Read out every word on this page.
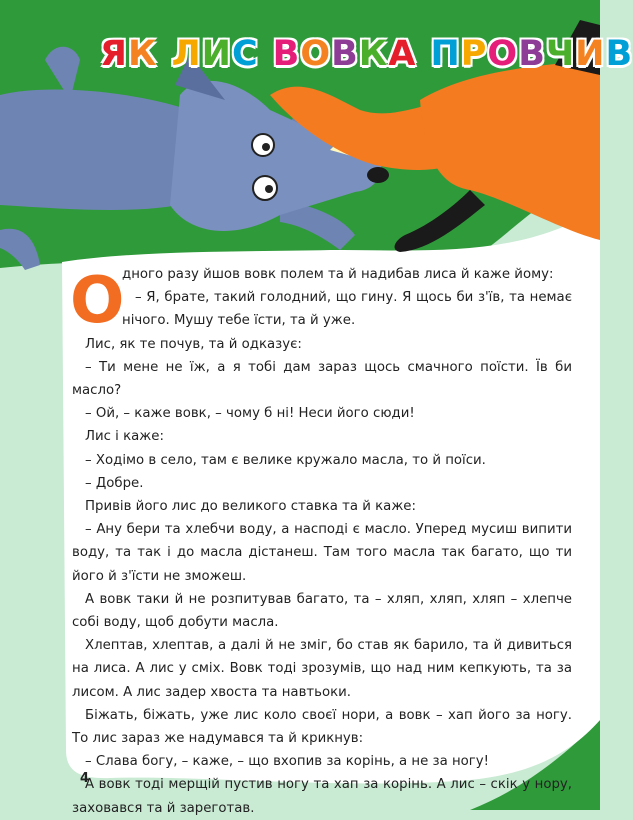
ЯК ЛИС ВОВКА ПРОВЧИВ
О

дного разу йшов вовк полем та й надибав лиса й каже йому:

– Я, брате, такий голодний, що гину. Я щось би з'їв, та немає нічого. Мушу тебе їсти, та й уже.

Лис, як те почув, та й одказує:

– Ти мене не їж, а я тобі дам зараз щось смачного поїсти. Їв би масло?

– Ой, – каже вовк, – чому б ні! Неси його сюди!

Лис і каже:

– Ходімо в село, там є велике кружало масла, то й поїси.

– Добре.

Привів його лис до великого ставка та й каже:

– Ану бери та хлебчи воду, а насподі є масло. Уперед мусиш випити воду, та так і до масла дістанеш. Там того масла так багато, що ти його й з'їсти не зможеш.

А вовк таки й не розпитував багато, та – хляп, хляп, хляп – хлепче собі воду, щоб добути масла.

Хлептав, хлептав, а далі й не зміг, бо став як барило, та й дивиться на лиса. А лис у сміх. Вовк тоді зрозумів, що над ним кепкують, та за лисом. А лис задер хвоста та навтьоки.

Біжать, біжать, уже лис коло своєї нори, а вовк – хап його за ногу. То лис зараз же надумався та й крикнув:

– Слава богу, – каже, – що вхопив за корінь, а не за ногу!

А вовк тоді мерщій пустив ногу та хап за корінь. А лис – скік у нору, заховався та й зареготав.

4
